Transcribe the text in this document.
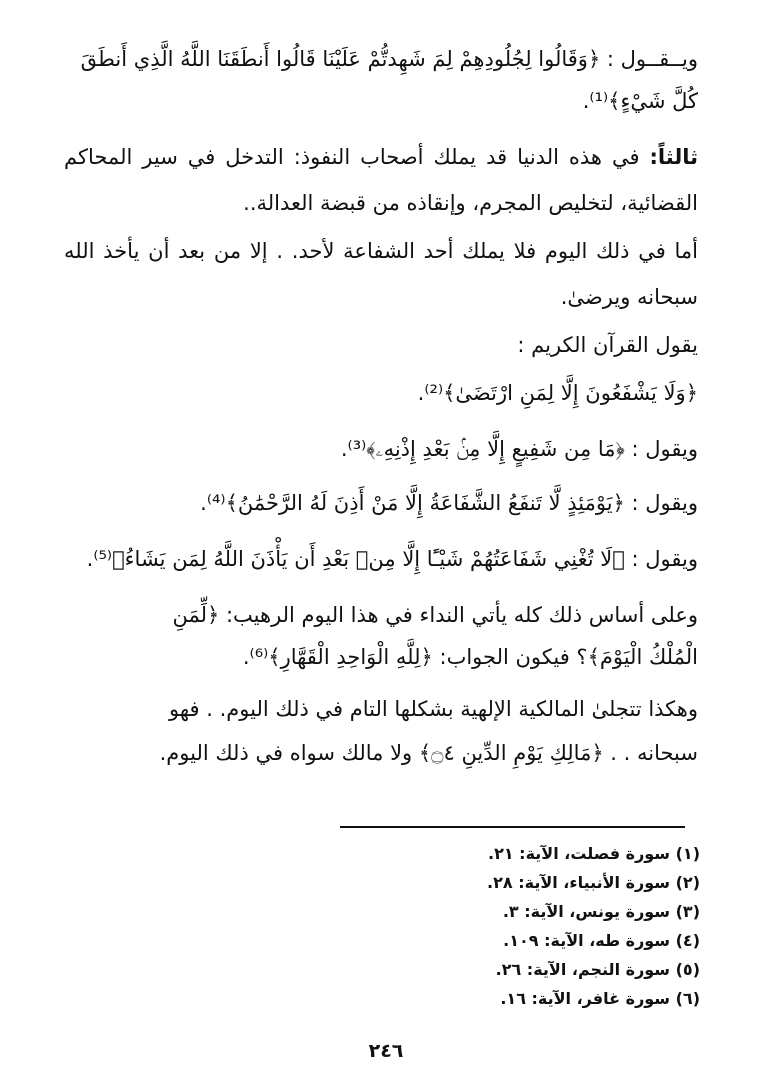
ويــقــول : ﴿وَقَالُوا لِجُلُودِهِمْ لِمَ شَهِدتُّمْ عَلَيْنَا قَالُوا أَنطَقَنَا اللَّهُ الَّذِي أَنطَقَ
كُلَّ شَيْءٍ﴾⁽¹⁾.
ثالثاً: في هذه الدنيا قد يملك أصحاب النفوذ: التدخل في سير المحاكم القضائية، لتخليص المجرم، وإنقاذه من قبضة العدالة..
أما في ذلك اليوم فلا يملك أحد الشفاعة لأحد. . إلا من بعد أن يأخذ الله سبحانه ويرضىٰ.
يقول القرآن الكريم :
﴿وَلَا يَشْفَعُونَ إِلَّا لِمَنِ ارْتَضَىٰ﴾⁽²⁾.
ويقول : ﴿مَا مِن شَفِيعٍ إِلَّا مِنۢ بَعْدِ إِذْنِهِۦ﴾⁽³⁾.
ويقول : ﴿يَوْمَئِذٍ لَّا تَنفَعُ الشَّفَاعَةُ إِلَّا مَنْ أَذِنَ لَهُ الرَّحْمَٰنُ﴾⁽⁴⁾.
ويقول : ﴿لَا تُغْنِي شَفَاعَتُهُمْ شَيْـًٔا إِلَّا مِنۢ بَعْدِ أَن يَأْذَنَ اللَّهُ لِمَن يَشَاءُ﴾⁽⁵⁾.
وعلى أساس ذلك كله يأتي النداء في هذا اليوم الرهيب: ﴿لِّمَنِ
الْمُلْكُ الْيَوْمَ﴾؟ فيكون الجواب: ﴿لِلَّهِ الْوَاحِدِ الْقَهَّارِ﴾⁽⁶⁾.
وهكذا تتجلىٰ المالكية الإلهية بشكلها التام في ذلك اليوم. . فهو
سبحانه . . ﴿مَالِكِ يَوْمِ الدِّينِ ۝٤﴾ ولا مالك سواه في ذلك اليوم.
(١) سورة فصلت، الآية: ٢١.
(٢) سورة الأنبياء، الآية: ٢٨.
(٣) سورة يونس، الآية: ٣.
(٤) سورة طه، الآية: ١٠٩.
(٥) سورة النجم، الآية: ٢٦.
(٦) سورة غافر، الآية: ١٦.
٢٤٦
